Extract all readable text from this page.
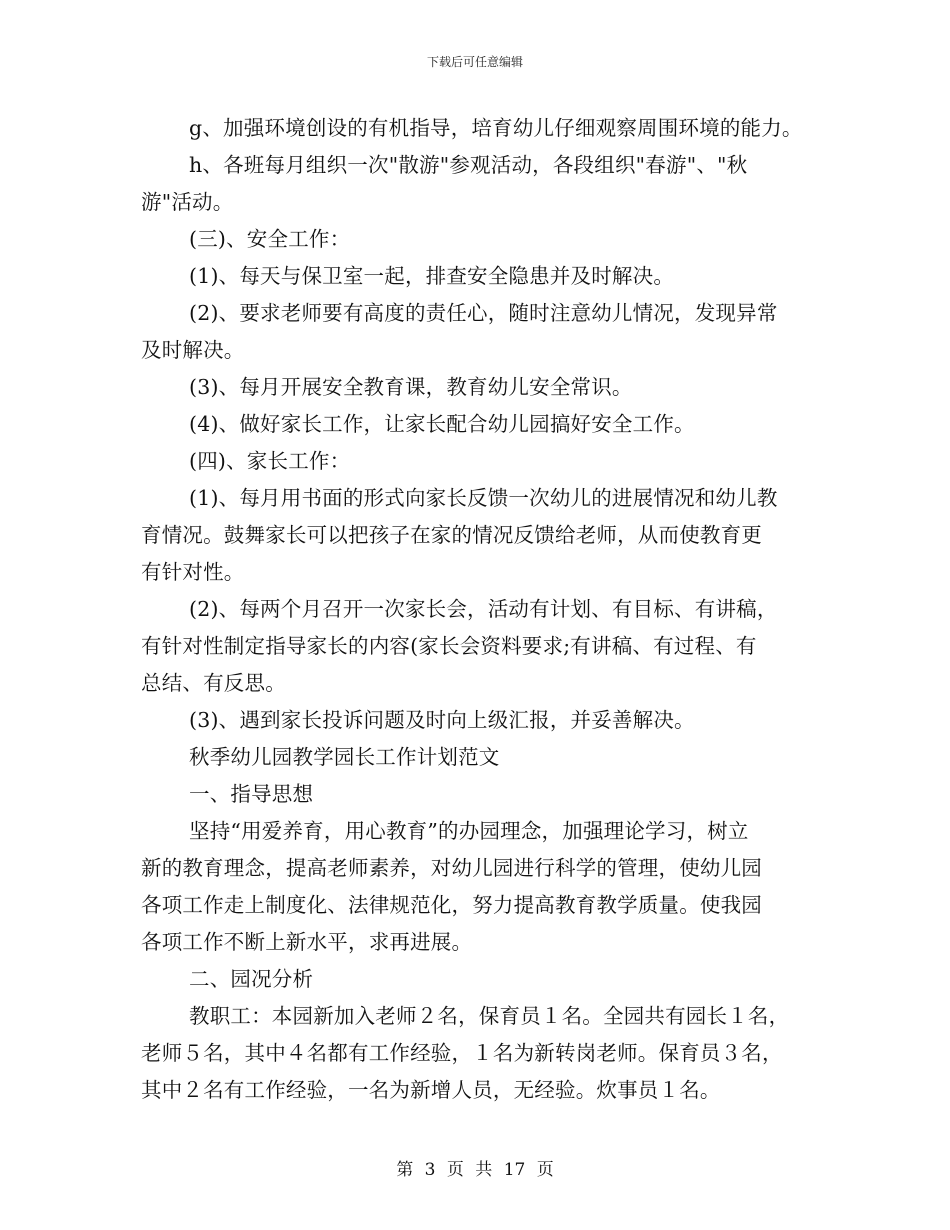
下载后可任意编辑
g、加强环境创设的有机指导，培育幼儿仔细观察周围环境的能力。
h、各班每月组织一次"散游"参观活动，各段组织"春游"、"秋
游"活动。
(三)、安全工作：
(1)、每天与保卫室一起，排查安全隐患并及时解决。
(2)、要求老师要有高度的责任心，随时注意幼儿情况，发现异常
及时解决。
(3)、每月开展安全教育课，教育幼儿安全常识。
(4)、做好家长工作，让家长配合幼儿园搞好安全工作。
(四)、家长工作：
(1)、每月用书面的形式向家长反馈一次幼儿的进展情况和幼儿教
育情况。鼓舞家长可以把孩子在家的情况反馈给老师，从而使教育更
有针对性。
(2)、每两个月召开一次家长会，活动有计划、有目标、有讲稿，
有针对性制定指导家长的内容(家长会资料要求;有讲稿、有过程、有
总结、有反思。
(3)、遇到家长投诉问题及时向上级汇报，并妥善解决。
秋季幼儿园教学园长工作计划范文
一、指导思想
坚持“用爱养育，用心教育”的办园理念，加强理论学习，树立
新的教育理念，提高老师素养，对幼儿园进行科学的管理，使幼儿园
各项工作走上制度化、法律规范化，努力提高教育教学质量。使我园
各项工作不断上新水平，求再进展。
二、园况分析
教职工：本园新加入老师２名，保育员１名。全园共有园长１名，
老师５名，其中４名都有工作经验，１名为新转岗老师。保育员３名，
其中２名有工作经验，一名为新增人员，无经验。炊事员１名。
第 3 页 共 17 页
